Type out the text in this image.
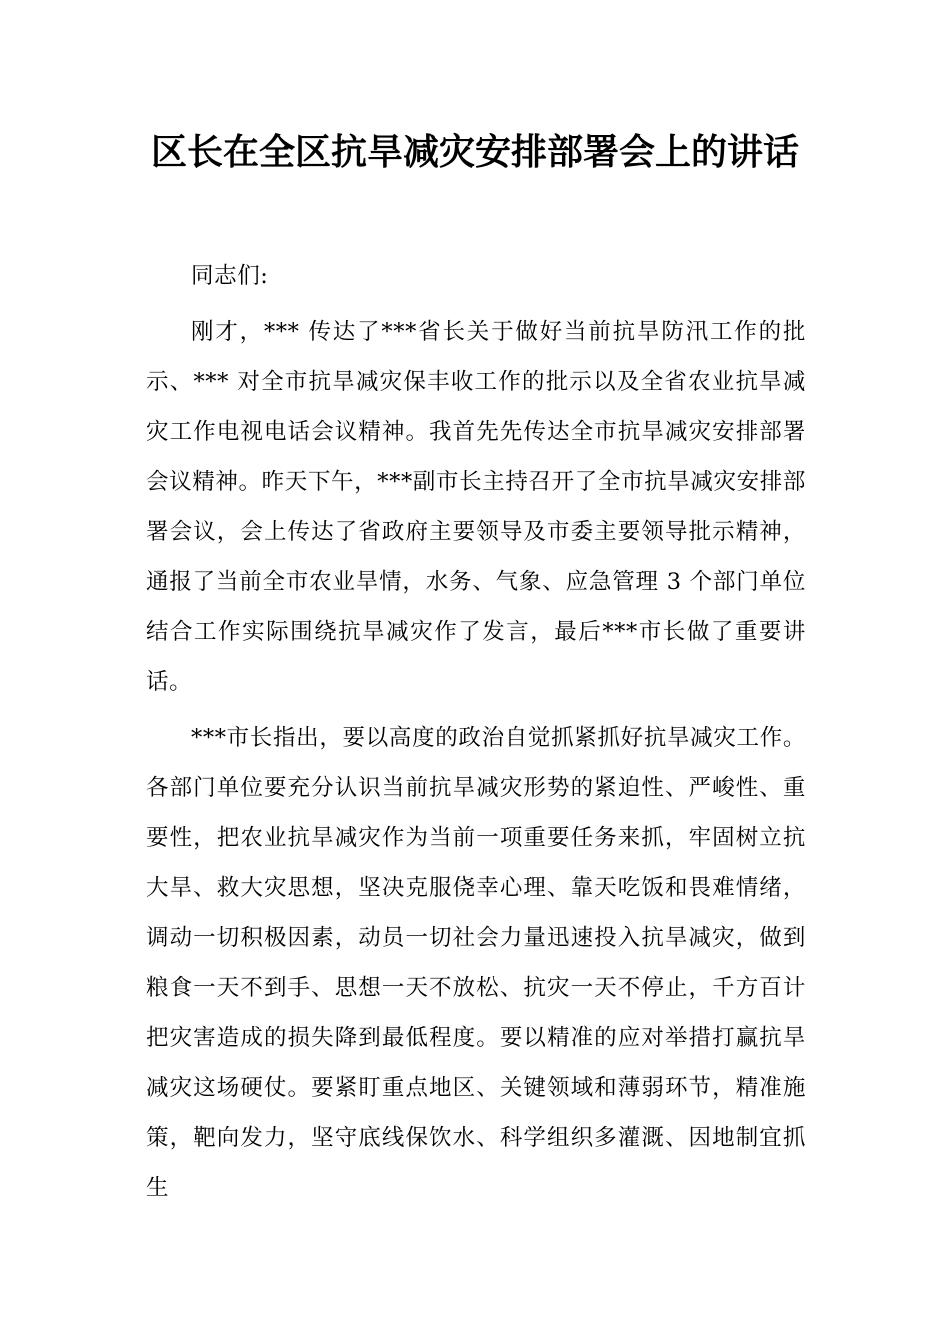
区长在全区抗旱减灾安排部署会上的讲话

同志们:

刚才，*** 传达了***省长关于做好当前抗旱防汛工作的批示、*** 对全市抗旱减灾保丰收工作的批示以及全省农业抗旱减灾工作电视电话会议精神。我首先先传达全市抗旱减灾安排部署会议精神。昨天下午，***副市长主持召开了全市抗旱减灾安排部署会议，会上传达了省政府主要领导及市委主要领导批示精神，通报了当前全市农业旱情，水务、气象、应急管理 3 个部门单位结合工作实际围绕抗旱减灾作了发言，最后***市长做了重要讲话。

***市长指出，要以高度的政治自觉抓紧抓好抗旱减灾工作。各部门单位要充分认识当前抗旱减灾形势的紧迫性、严峻性、重要性，把农业抗旱减灾作为当前一项重要任务来抓，牢固树立抗大旱、救大灾思想，坚决克服侥幸心理、靠天吃饭和畏难情绪，调动一切积极因素，动员一切社会力量迅速投入抗旱减灾，做到粮食一天不到手、思想一天不放松、抗灾一天不停止，千方百计把灾害造成的损失降到最低程度。要以精准的应对举措打赢抗旱减灾这场硬仗。要紧盯重点地区、关键领域和薄弱环节，精准施策，靶向发力，坚守底线保饮水、科学组织多灌溉、因地制宜抓生
